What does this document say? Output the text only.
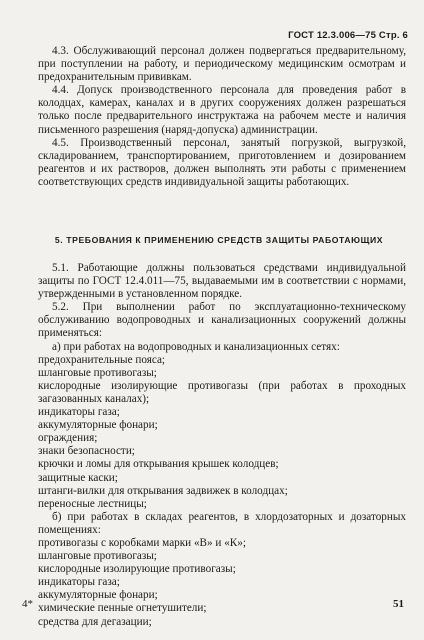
ГОСТ 12.3.006—75 Стр. 6

4.3. Обслуживающий персонал должен подвергаться предварительному, при поступлении на работу, и периодическому медицинским осмотрам и предохранительным прививкам.

4.4. Допуск производственного персонала для проведения работ в колодцах, камерах, каналах и в других сооружениях должен разрешаться только после предварительного инструктажа на рабочем месте и наличия письменного разрешения (наряд-допуска) администрации.

4.5. Производственный персонал, занятый погрузкой, выгрузкой, складированием, транспортированием, приготовлением и дозированием реагентов и их растворов, должен выполнять эти работы с применением соответствующих средств индивидуальной защиты работающих.

5. ТРЕБОВАНИЯ К ПРИМЕНЕНИЮ СРЕДСТВ ЗАЩИТЫ РАБОТАЮЩИХ

5.1. Работающие должны пользоваться средствами индивидуальной защиты по ГОСТ 12.4.011—75, выдаваемыми им в соответствии с нормами, утвержденными в установленном порядке.

5.2. При выполнении работ по эксплуатационно-техническому обслуживанию водопроводных и канализационных сооружений должны применяться:

а) при работах на водопроводных и канализационных сетях:

предохранительные пояса;

шланговые противогазы;

кислородные изолирующие противогазы (при работах в проходных загазованных каналах);

индикаторы газа;

аккумуляторные фонари;

ограждения;

знаки безопасности;

крючки и ломы для открывания крышек колодцев;

защитные каски;

штанги-вилки для открывания задвижек в колодцах;

переносные лестницы;

б) при работах в складах реагентов, в хлордозаторных и дозаторных помещениях:

противогазы с коробками марки «В» и «К»;

шланговые противогазы;

кислородные изолирующие противогазы;

индикаторы газа;

аккумуляторные фонари;

химические пенные огнетушители;

средства для дегазации;

4*	51
